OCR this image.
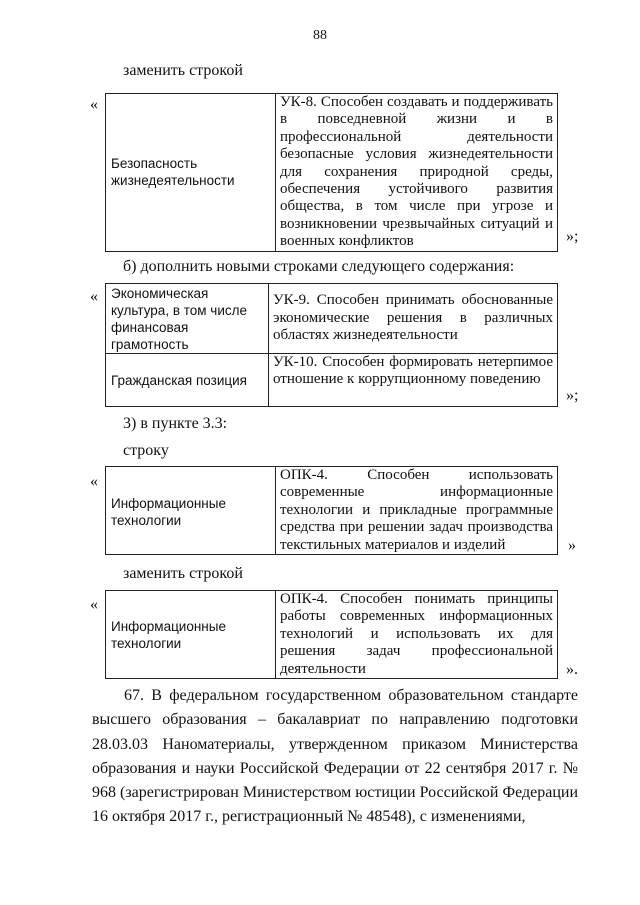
88
заменить строкой
«
Безопасность жизнедеятельности	УК-8. Способен создавать и поддерживать в повседневной жизни и в профессиональной деятельности безопасные условия жизнедеятельности для сохранения природной среды, обеспечения устойчивого развития общества, в том числе при угрозе и возникновении чрезвычайных ситуаций и военных конфликтов	»;
б) дополнить новыми строками следующего содержания:
« Экономическая культура, в том числе финансовая грамотность	УК-9. Способен принимать обоснованные экономические решения в различных областях жизнедеятельности
Гражданская позиция	УК-10. Способен формировать нетерпимое отношение к коррупционному поведению
»;
3) в пункте 3.3:
строку
«
Информационные технологии	ОПК-4. Способен использовать современные информационные технологии и прикладные программные средства при решении задач производства текстильных материалов и изделий	»
заменить строкой
«
Информационные технологии	ОПК-4. Способен понимать принципы работы современных информационных технологий и использовать их для решения задач профессиональной деятельности	».
67. В федеральном государственном образовательном стандарте высшего образования – бакалавриат по направлению подготовки 28.03.03 Наноматериалы, утвержденном приказом Министерства образования и науки Российской Федерации от 22 сентября 2017 г. № 968 (зарегистрирован Министерством юстиции Российской Федерации 16 октября 2017 г., регистрационный № 48548), с изменениями,
